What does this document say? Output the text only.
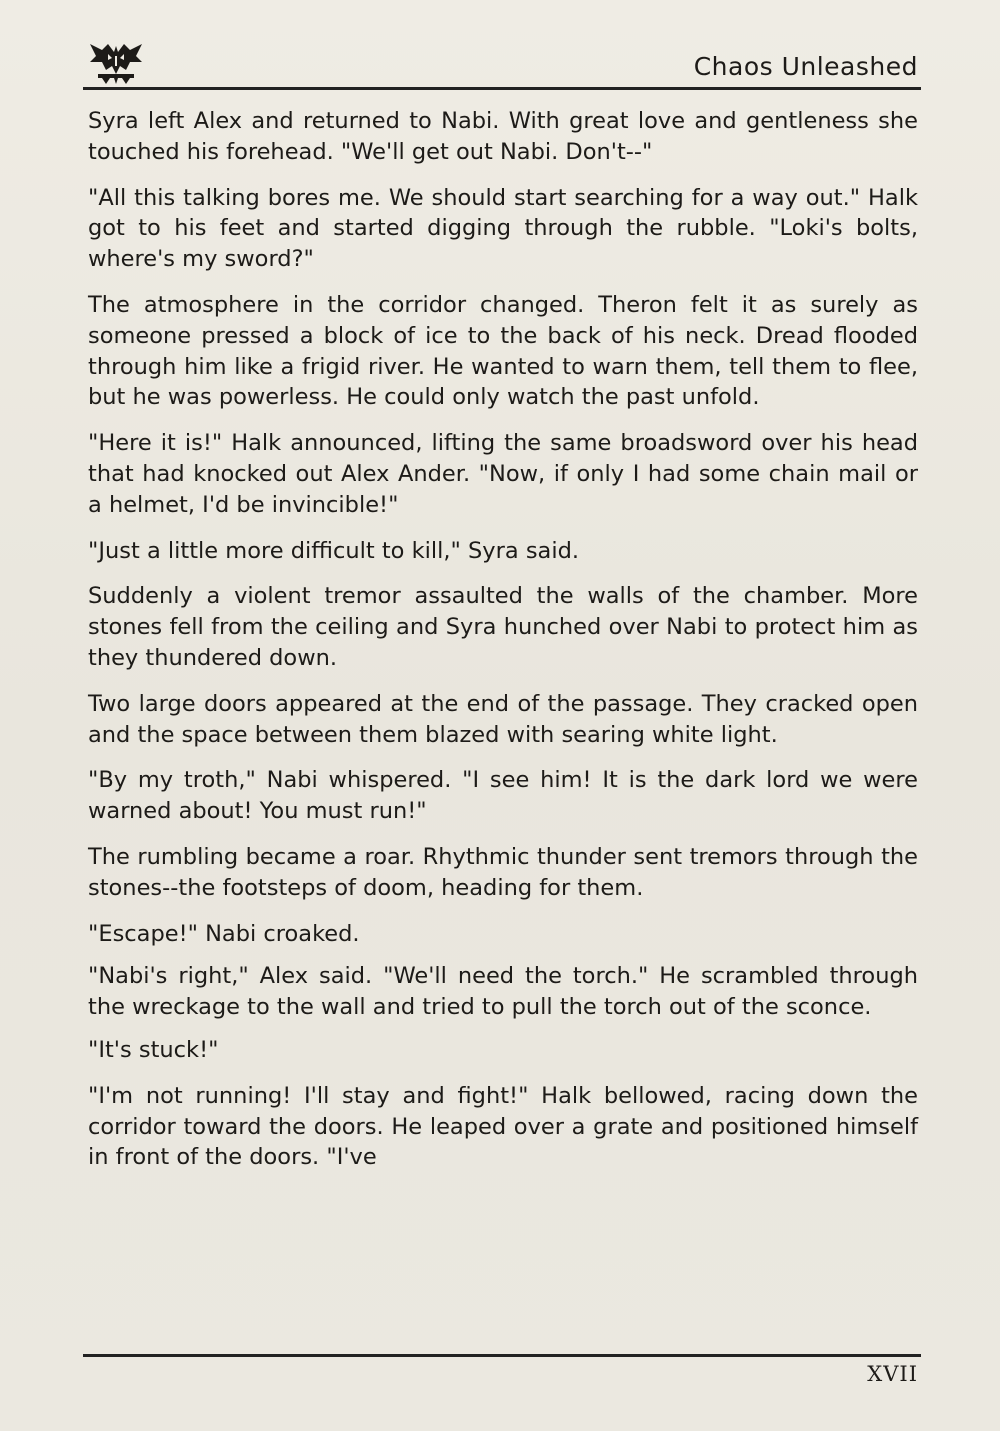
Chaos Unleashed

Syra left Alex and returned to Nabi. With great love and gentleness she touched his forehead. "We'll get out Nabi. Don't--"

"All this talking bores me. We should start searching for a way out." Halk got to his feet and started digging through the rubble. "Loki's bolts, where's my sword?"

The atmosphere in the corridor changed. Theron felt it as surely as someone pressed a block of ice to the back of his neck. Dread flooded through him like a frigid river. He wanted to warn them, tell them to flee, but he was powerless. He could only watch the past unfold.

"Here it is!" Halk announced, lifting the same broadsword over his head that had knocked out Alex Ander. "Now, if only I had some chain mail or a helmet, I'd be invincible!"

"Just a little more difficult to kill," Syra said.

Suddenly a violent tremor assaulted the walls of the chamber. More stones fell from the ceiling and Syra hunched over Nabi to protect him as they thundered down.

Two large doors appeared at the end of the passage. They cracked open and the space between them blazed with searing white light.

"By my troth," Nabi whispered. "I see him! It is the dark lord we were warned about! You must run!"

The rumbling became a roar. Rhythmic thunder sent tremors through the stones--the footsteps of doom, heading for them.

"Escape!" Nabi croaked.

"Nabi's right," Alex said. "We'll need the torch." He scrambled through the wreckage to the wall and tried to pull the torch out of the sconce.

"It's stuck!"

"I'm not running! I'll stay and fight!" Halk bellowed, racing down the corridor toward the doors. He leaped over a grate and positioned himself in front of the doors. "I've

XVII
